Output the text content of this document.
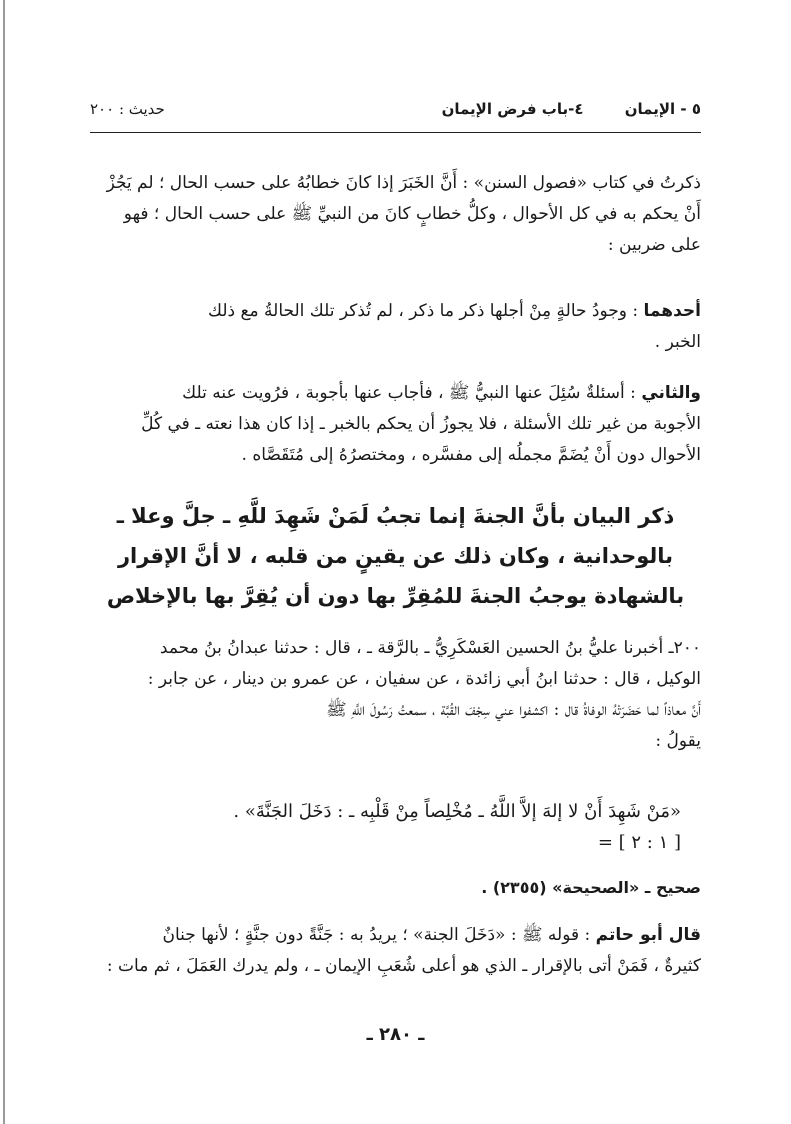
٥ - الإيمان ٤-باب فرض الإيمان
حديث : ٢٠٠
ذكرتُ في كتاب «فصول السنن» : أَنَّ الخَبَرَ إذا كانَ خطابُهُ على حسب الحال ؛ لم يَجُزْ
أَنْ يحكم به في كل الأحوال ، وكلُّ خطابٍ كانَ من النبيِّ ﷺ على حسب الحال ؛ فهو
على ضربين :
أحدهما : وجودُ حالةٍ مِنْ أجلها ذكر ما ذكر ، لم تُذكر تلك الحالةُ مع ذلك
الخبر .
والثاني : أسئلةٌ سُئِلَ عنها النبيُّ ﷺ ، فأجاب عنها بأجوبة ، فرُويت عنه تلك
الأجوبة من غير تلك الأسئلة ، فلا يجوزُ أن يحكم بالخبر ـ إذا كان هذا نعته ـ في كُلِّ
الأحوال دون أَنْ يُضَمَّ مجملُه إلى مفسَّره ، ومختصرُهُ إلى مُتَقَصَّاه .
ذكر البيان بأنَّ الجنةَ إنما تجبُ لَمَنْ شَهِدَ للَّهِ ـ جلَّ وعلا ـ
بالوحدانية ، وكان ذلك عن يقينٍ من قلبه ، لا أنَّ الإقرار
بالشهادة يوجبُ الجنةَ للمُقِرِّ بها دون أن يُقِرَّ بها بالإخلاص
٢٠٠ـ أخبرنا عليُّ بنُ الحسين العَسْكَرِيُّ ـ بالرَّقة ـ ، قال : حدثنا عبدانُ بنُ محمد
الوكيل ، قال : حدثنا ابنُ أبي زائدة ، عن سفيان ، عن عمرو بن دينار ، عن جابر :
أَنَّ معاذاً لما حَضَرَتْهُ الوفاةُ قال : اكشفوا عني سِجْفَ القُبَّة ، سمعتُ رَسُولَ اللَّهِ ﷺ
يقولُ :
«مَنْ شَهِدَ أَنْ لا إلهَ إلاَّ اللَّهُ ـ مُخْلِصاً مِنْ قَلْبِه ـ : دَخَلَ الجَنَّةَ» .
[ ١ : ٢ ] =
صحيح ـ «الصحيحة» (٢٣٥٥) .
قال أبو حاتم : قوله ﷺ : «دَخَلَ الجنة» ؛ يريدُ به : جَنَّةً دون جنَّةٍ ؛ لأنها جنانٌ
كثيرةٌ ، فَمَنْ أتى بالإقرار ـ الذي هو أعلى شُعَبِ الإيمان ـ ، ولم يدرك العَمَلَ ، ثم مات :
ـ ٢٨٠ ـ
